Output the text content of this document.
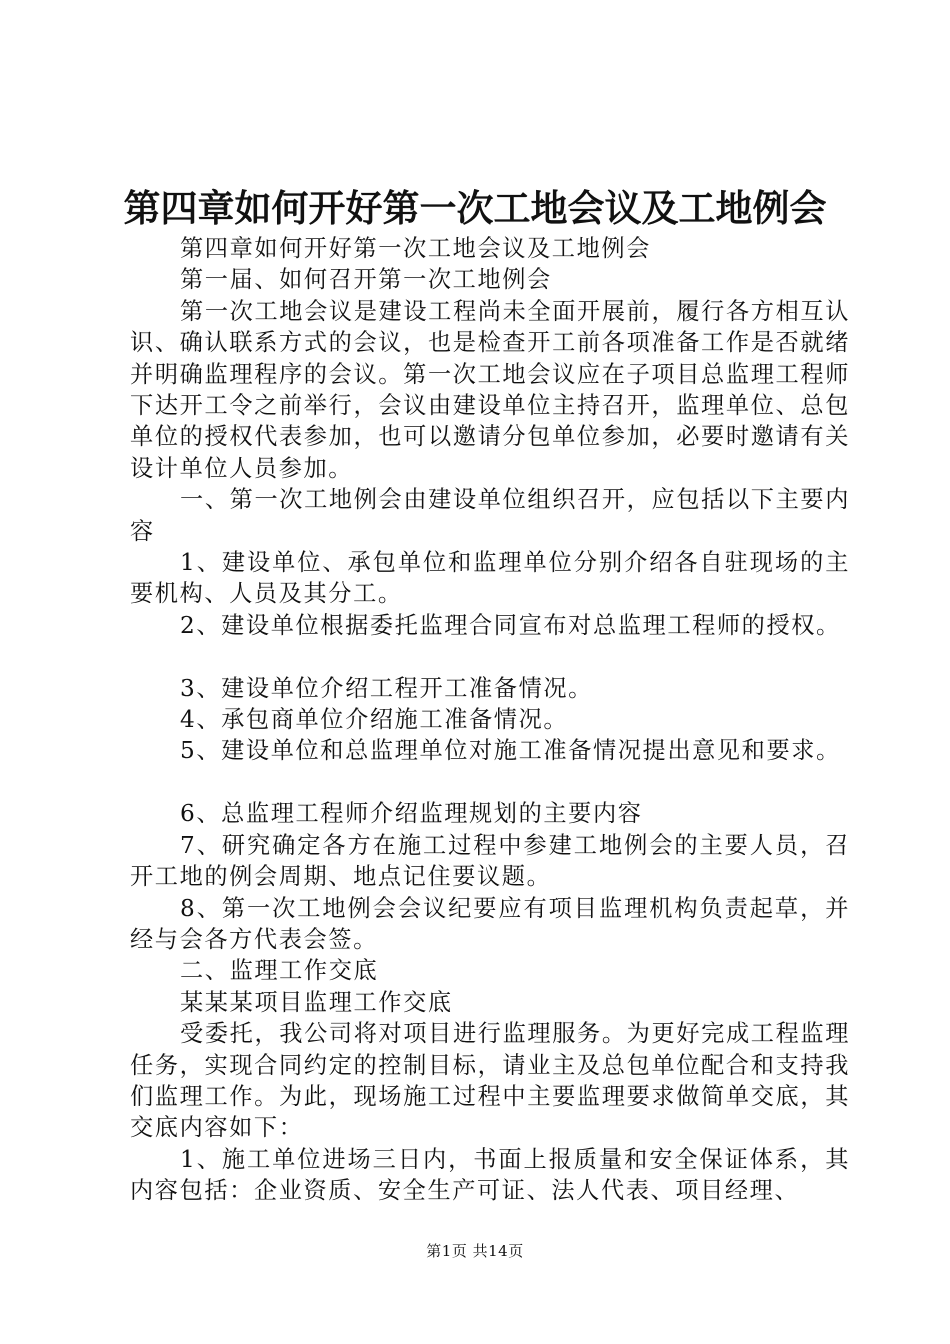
第四章如何开好第一次工地会议及工地例会

第四章如何开好第一次工地会议及工地例会

第一届、如何召开第一次工地例会

第一次工地会议是建设工程尚未全面开展前，履行各方相互认识、确认联系方式的会议，也是检查开工前各项准备工作是否就绪并明确监理程序的会议。第一次工地会议应在子项目总监理工程师下达开工令之前举行，会议由建设单位主持召开，监理单位、总包单位的授权代表参加，也可以邀请分包单位参加，必要时邀请有关设计单位人员参加。

一、第一次工地例会由建设单位组织召开，应包括以下主要内容

1、建设单位、承包单位和监理单位分别介绍各自驻现场的主要机构、人员及其分工。

2、建设单位根据委托监理合同宣布对总监理工程师的授权。

3、建设单位介绍工程开工准备情况。

4、承包商单位介绍施工准备情况。

5、建设单位和总监理单位对施工准备情况提出意见和要求。

6、总监理工程师介绍监理规划的主要内容

7、研究确定各方在施工过程中参建工地例会的主要人员，召开工地的例会周期、地点记住要议题。

8、第一次工地例会会议纪要应有项目监理机构负责起草，并经与会各方代表会签。

二、监理工作交底

某某某项目监理工作交底

受委托，我公司将对项目进行监理服务。为更好完成工程监理任务，实现合同约定的控制目标，请业主及总包单位配合和支持我们监理工作。为此，现场施工过程中主要监理要求做简单交底，其交底内容如下：

1、施工单位进场三日内，书面上报质量和安全保证体系，其内容包括：企业资质、安全生产可证、法人代表、项目经理、

第1页 共14页
